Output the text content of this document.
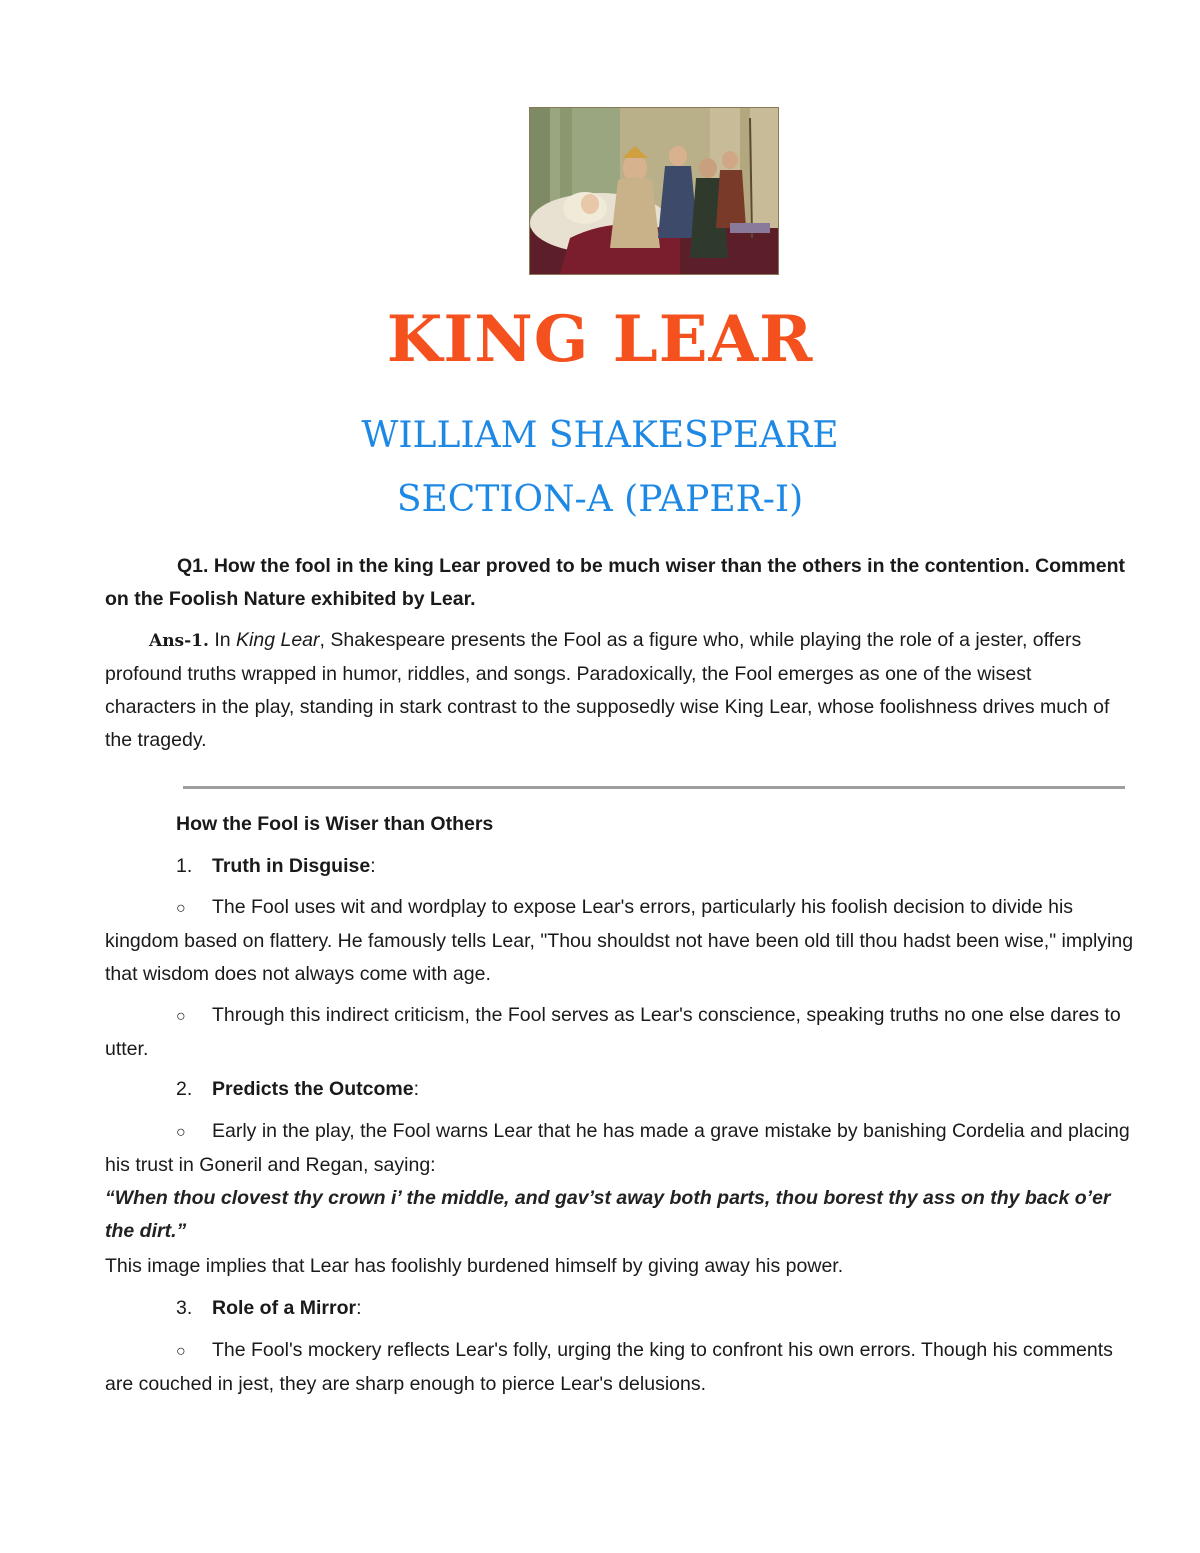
KING LEAR
WILLIAM SHAKESPEARE
SECTION-A (PAPER-I)
Q1. How the fool in the king Lear proved to be much wiser than the others in the contention. Comment on the Foolish Nature exhibited by Lear.
Ans-1. In King Lear, Shakespeare presents the Fool as a figure who, while playing the role of a jester, offers profound truths wrapped in humor, riddles, and songs. Paradoxically, the Fool emerges as one of the wisest characters in the play, standing in stark contrast to the supposedly wise King Lear, whose foolishness drives much of the tragedy.
How the Fool is Wiser than Others
1. Truth in Disguise:
○ The Fool uses wit and wordplay to expose Lear's errors, particularly his foolish decision to divide his kingdom based on flattery. He famously tells Lear, "Thou shouldst not have been old till thou hadst been wise," implying that wisdom does not always come with age.
○ Through this indirect criticism, the Fool serves as Lear's conscience, speaking truths no one else dares to utter.
2. Predicts the Outcome:
○ Early in the play, the Fool warns Lear that he has made a grave mistake by banishing Cordelia and placing his trust in Goneril and Regan, saying:
“When thou clovest thy crown i’ the middle, and gav’st away both parts, thou borest thy ass on thy back o’er the dirt.”
This image implies that Lear has foolishly burdened himself by giving away his power.
3. Role of a Mirror:
○ The Fool's mockery reflects Lear's folly, urging the king to confront his own errors. Though his comments are couched in jest, they are sharp enough to pierce Lear's delusions.
